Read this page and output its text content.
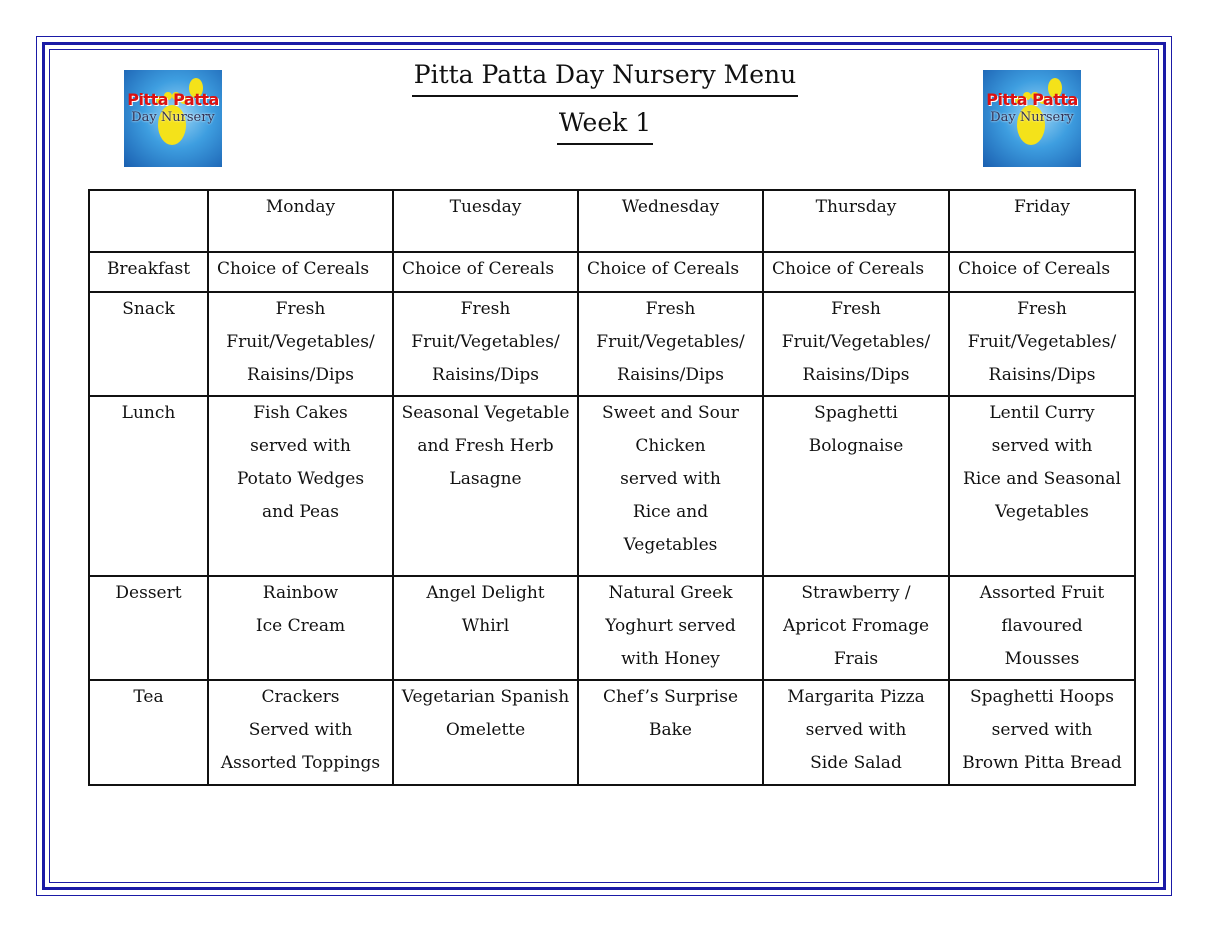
Pitta Patta
Day Nursery
Pitta Patta
Day Nursery
Pitta Patta Day Nursery Menu
Week 1
	Monday	Tuesday	Wednesday	Thursday	Friday
Breakfast	Choice of Cereals	Choice of Cereals	Choice of Cereals	Choice of Cereals	Choice of Cereals
Snack	Fresh
Fruit/Vegetables/
Raisins/Dips	Fresh
Fruit/Vegetables/
Raisins/Dips	Fresh
Fruit/Vegetables/
Raisins/Dips	Fresh
Fruit/Vegetables/
Raisins/Dips	Fresh
Fruit/Vegetables/
Raisins/Dips
Lunch	Fish Cakes
served with
Potato Wedges
and Peas	Seasonal Vegetable
and Fresh Herb
Lasagne	Sweet and Sour
Chicken
served with
Rice and
Vegetables	Spaghetti
Bolognaise	Lentil Curry
served with
Rice and Seasonal
Vegetables
Dessert	Rainbow
Ice Cream	Angel Delight
Whirl	Natural Greek
Yoghurt served
with Honey	Strawberry /
Apricot Fromage
Frais	Assorted Fruit
flavoured
Mousses
Tea	Crackers
Served with
Assorted Toppings	Vegetarian Spanish
Omelette	Chef’s Surprise
Bake	Margarita Pizza
served with
Side Salad	Spaghetti Hoops
served with
Brown Pitta Bread
